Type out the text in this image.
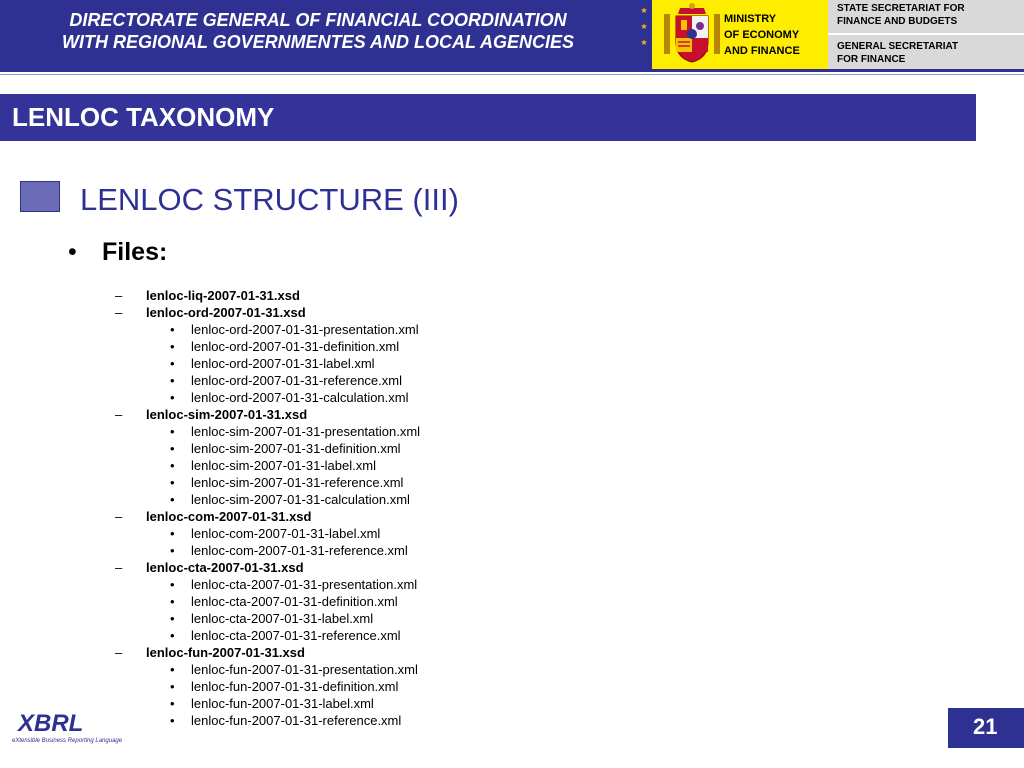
DIRECTORATE GENERAL OF FINANCIAL COORDINATION
WITH REGIONAL GOVERNMENTES AND LOCAL AGENCIES
★
★
★
MINISTRY
OF ECONOMY
AND FINANCE
STATE SECRETARIAT FOR
FINANCE AND BUDGETS
GENERAL SECRETARIAT
FOR FINANCE
LENLOC TAXONOMY
LENLOC STRUCTURE (III)
• Files:
– lenloc-liq-2007-01-31.xsd
– lenloc-ord-2007-01-31.xsd
• lenloc-ord-2007-01-31-presentation.xml
• lenloc-ord-2007-01-31-definition.xml
• lenloc-ord-2007-01-31-label.xml
• lenloc-ord-2007-01-31-reference.xml
• lenloc-ord-2007-01-31-calculation.xml
– lenloc-sim-2007-01-31.xsd
• lenloc-sim-2007-01-31-presentation.xml
• lenloc-sim-2007-01-31-definition.xml
• lenloc-sim-2007-01-31-label.xml
• lenloc-sim-2007-01-31-reference.xml
• lenloc-sim-2007-01-31-calculation.xml
– lenloc-com-2007-01-31.xsd
• lenloc-com-2007-01-31-label.xml
• lenloc-com-2007-01-31-reference.xml
– lenloc-cta-2007-01-31.xsd
• lenloc-cta-2007-01-31-presentation.xml
• lenloc-cta-2007-01-31-definition.xml
• lenloc-cta-2007-01-31-label.xml
• lenloc-cta-2007-01-31-reference.xml
– lenloc-fun-2007-01-31.xsd
• lenloc-fun-2007-01-31-presentation.xml
• lenloc-fun-2007-01-31-definition.xml
• lenloc-fun-2007-01-31-label.xml
• lenloc-fun-2007-01-31-reference.xml
XBRL
eXtensible Business Reporting Language
21
